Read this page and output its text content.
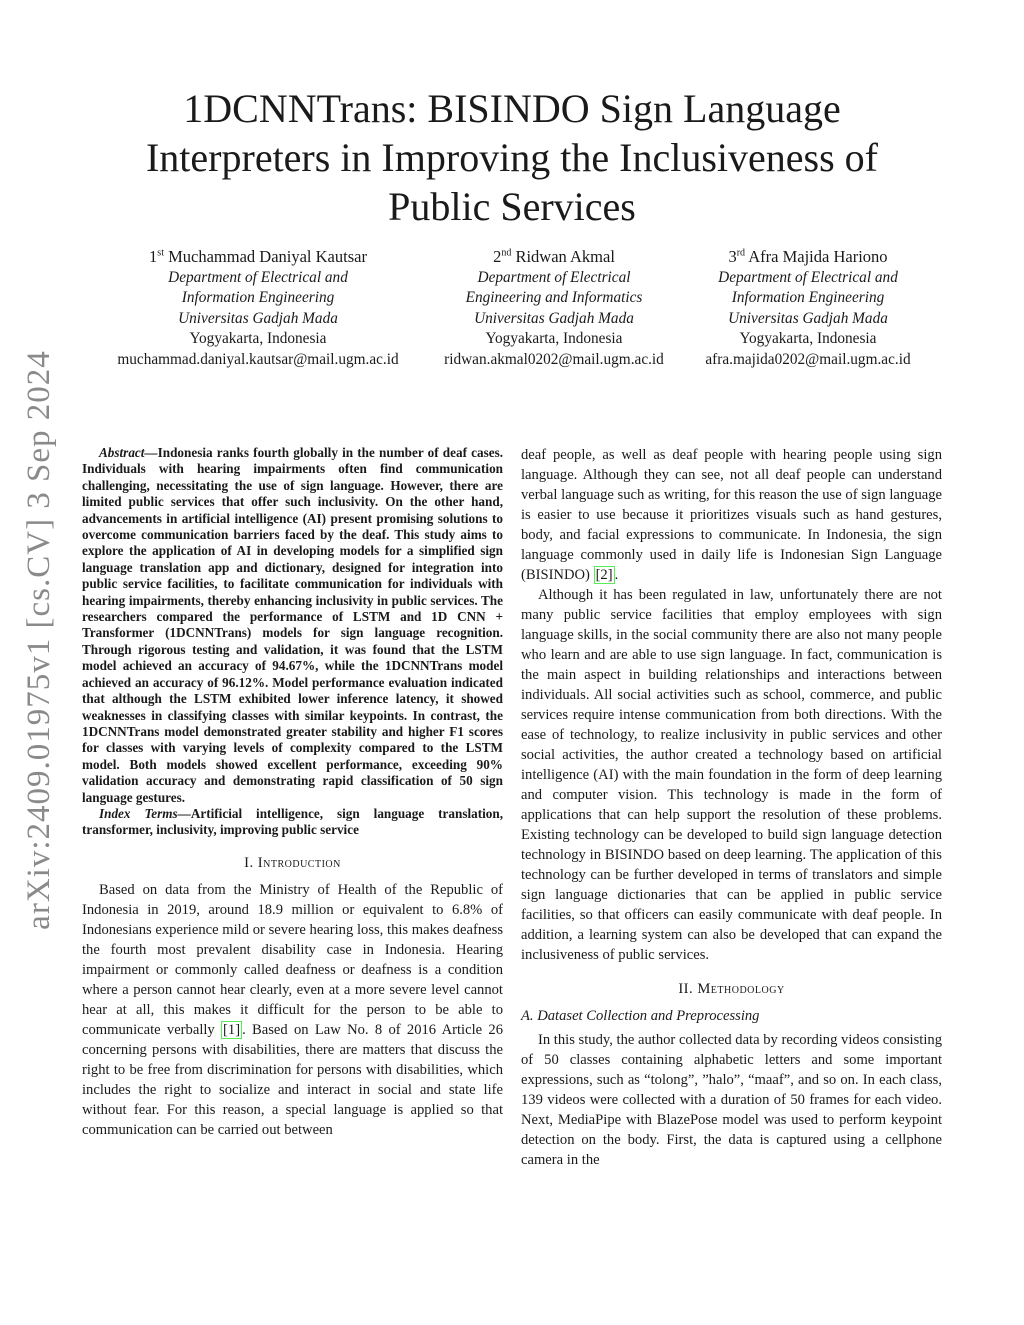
arXiv:2409.01975v1 [cs.CV] 3 Sep 2024
1DCNNTrans: BISINDO Sign Language Interpreters in Improving the Inclusiveness of Public Services
1st Muchammad Daniyal Kautsar
Department of Electrical and
Information Engineering
Universitas Gadjah Mada
Yogyakarta, Indonesia
muchammad.daniyal.kautsar@mail.ugm.ac.id
2nd Ridwan Akmal
Department of Electrical
Engineering and Informatics
Universitas Gadjah Mada
Yogyakarta, Indonesia
ridwan.akmal0202@mail.ugm.ac.id
3rd Afra Majida Hariono
Department of Electrical and
Information Engineering
Universitas Gadjah Mada
Yogyakarta, Indonesia
afra.majida0202@mail.ugm.ac.id

Abstract—Indonesia ranks fourth globally in the number of deaf cases. Individuals with hearing impairments often find communication challenging, necessitating the use of sign language. However, there are limited public services that offer such inclusivity. On the other hand, advancements in artificial intelligence (AI) present promising solutions to overcome communication barriers faced by the deaf. This study aims to explore the application of AI in developing models for a simplified sign language translation app and dictionary, designed for integration into public service facilities, to facilitate communication for individuals with hearing impairments, thereby enhancing inclusivity in public services. The researchers compared the performance of LSTM and 1D CNN + Transformer (1DCNNTrans) models for sign language recognition. Through rigorous testing and validation, it was found that the LSTM model achieved an accuracy of 94.67%, while the 1DCNNTrans model achieved an accuracy of 96.12%. Model performance evaluation indicated that although the LSTM exhibited lower inference latency, it showed weaknesses in classifying classes with similar keypoints. In contrast, the 1DCNNTrans model demonstrated greater stability and higher F1 scores for classes with varying levels of complexity compared to the LSTM model. Both models showed excellent performance, exceeding 90% validation accuracy and demonstrating rapid classification of 50 sign language gestures.

Index Terms—Artificial intelligence, sign language translation, transformer, inclusivity, improving public service

I. Introduction

Based on data from the Ministry of Health of the Republic of Indonesia in 2019, around 18.9 million or equivalent to 6.8% of Indonesians experience mild or severe hearing loss, this makes deafness the fourth most prevalent disability case in Indonesia. Hearing impairment or commonly called deafness or deafness is a condition where a person cannot hear clearly, even at a more severe level cannot hear at all, this makes it difficult for the person to be able to communicate verbally [1] . Based on Law No. 8 of 2016 Article 26 concerning persons with disabilities, there are matters that discuss the right to be free from discrimination for persons with disabilities, which includes the right to socialize and interact in social and state life without fear. For this reason, a special language is applied so that communication can be carried out between

deaf people, as well as deaf people with hearing people using sign language. Although they can see, not all deaf people can understand verbal language such as writing, for this reason the use of sign language is easier to use because it prioritizes visuals such as hand gestures, body, and facial expressions to communicate. In Indonesia, the sign language commonly used in daily life is Indonesian Sign Language (BISINDO) [2] .

Although it has been regulated in law, unfortunately there are not many public service facilities that employ employees with sign language skills, in the social community there are also not many people who learn and are able to use sign language. In fact, communication is the main aspect in building relationships and interactions between individuals. All social activities such as school, commerce, and public services require intense communication from both directions. With the ease of technology, to realize inclusivity in public services and other social activities, the author created a technology based on artificial intelligence (AI) with the main foundation in the form of deep learning and computer vision. This technology is made in the form of applications that can help support the resolution of these problems. Existing technology can be developed to build sign language detection technology in BISINDO based on deep learning. The application of this technology can be further developed in terms of translators and simple sign language dictionaries that can be applied in public service facilities, so that officers can easily communicate with deaf people. In addition, a learning system can also be developed that can expand the inclusiveness of public services.

II. Methodology
A. Dataset Collection and Preprocessing

In this study, the author collected data by recording videos consisting of 50 classes containing alphabetic letters and some important expressions, such as “tolong”, ”halo”, “maaf”, and so on. In each class, 139 videos were collected with a duration of 50 frames for each video. Next, MediaPipe with BlazePose model was used to perform keypoint detection on the body. First, the data is captured using a cellphone camera in the
